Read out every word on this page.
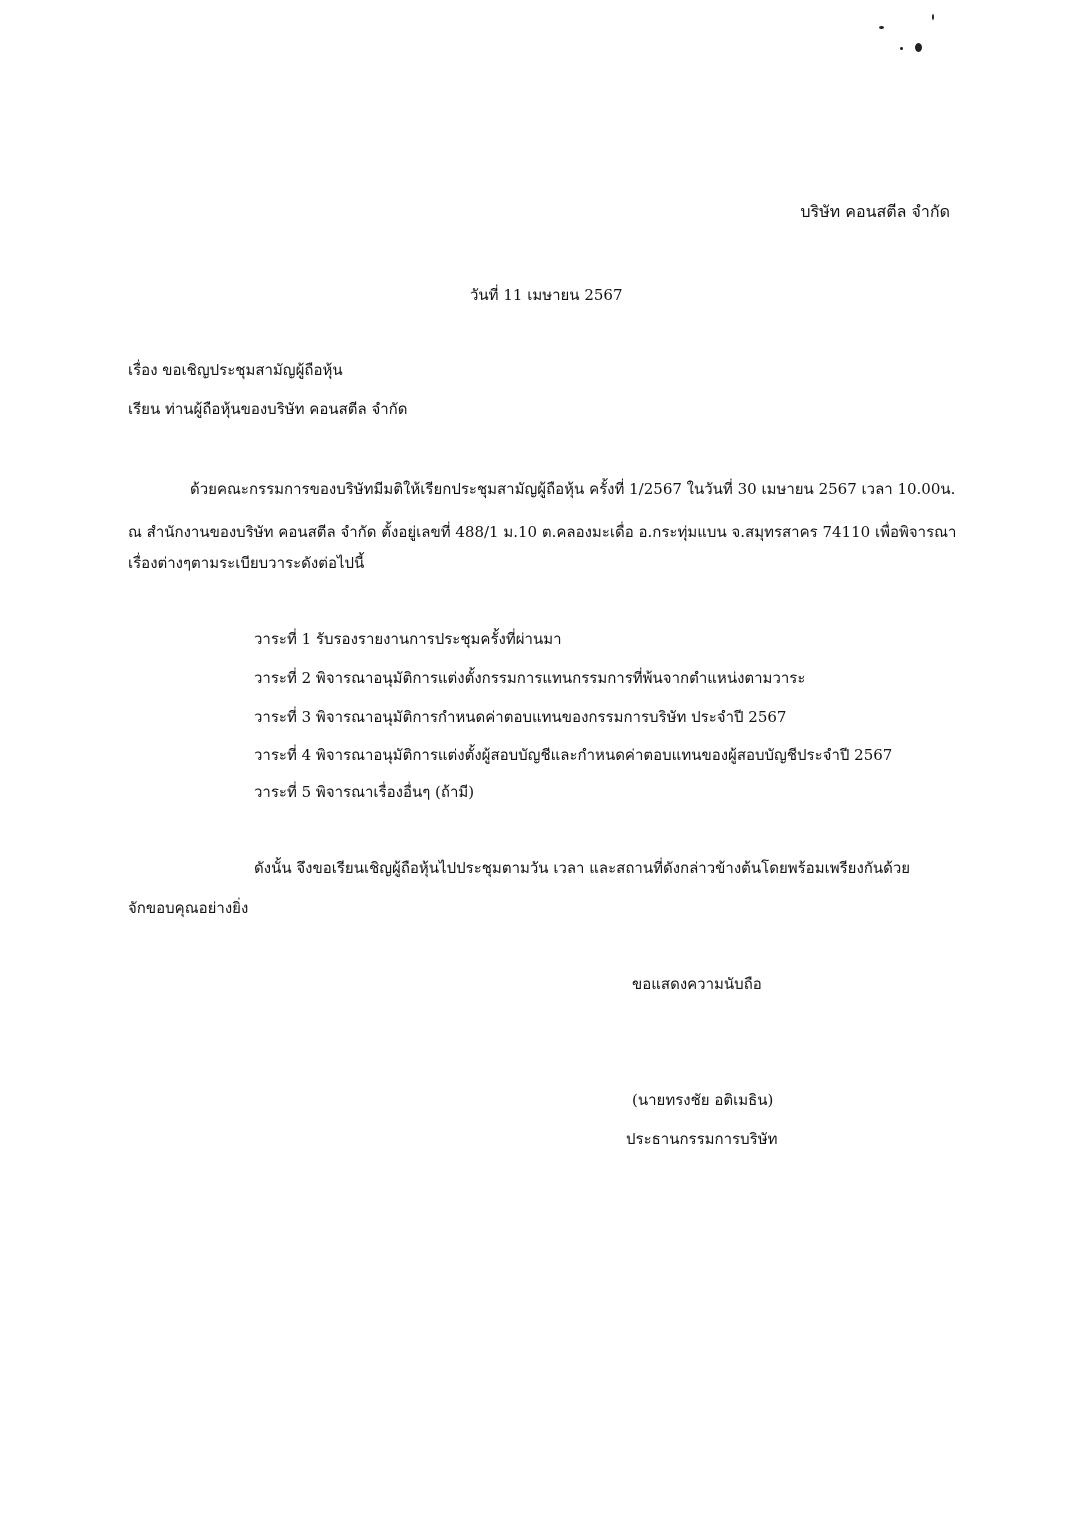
บริษัท คอนสตีล จำกัด
วันที่ 11 เมษายน 2567
เรื่อง ขอเชิญประชุมสามัญผู้ถือหุ้น
เรียน ท่านผู้ถือหุ้นของบริษัท คอนสตีล จำกัด
ด้วยคณะกรรมการของบริษัทมีมติให้เรียกประชุมสามัญผู้ถือหุ้น ครั้งที่ 1/2567 ในวันที่ 30 เมษายน 2567 เวลา 10.00น.
ณ สำนักงานของบริษัท คอนสตีล จำกัด ตั้งอยู่เลขที่ 488/1 ม.10 ต.คลองมะเดื่อ อ.กระทุ่มแบน จ.สมุทรสาคร 74110 เพื่อพิจารณา
เรื่องต่างๆตามระเบียบวาระดังต่อไปนี้
วาระที่ 1 รับรองรายงานการประชุมครั้งที่ผ่านมา
วาระที่ 2 พิจารณาอนุมัติการแต่งตั้งกรรมการแทนกรรมการที่พ้นจากตำแหน่งตามวาระ
วาระที่ 3 พิจารณาอนุมัติการกำหนดค่าตอบแทนของกรรมการบริษัท ประจำปี 2567
วาระที่ 4 พิจารณาอนุมัติการแต่งตั้งผู้สอบบัญชีและกำหนดค่าตอบแทนของผู้สอบบัญชีประจำปี 2567
วาระที่ 5 พิจารณาเรื่องอื่นๆ (ถ้ามี)
ดังนั้น จึงขอเรียนเชิญผู้ถือหุ้นไปประชุมตามวัน เวลา และสถานที่ดังกล่าวข้างต้นโดยพร้อมเพรียงกันด้วย
จักขอบคุณอย่างยิ่ง
ขอแสดงความนับถือ
(นายทรงชัย อติเมธิน)
ประธานกรรมการบริษัท
